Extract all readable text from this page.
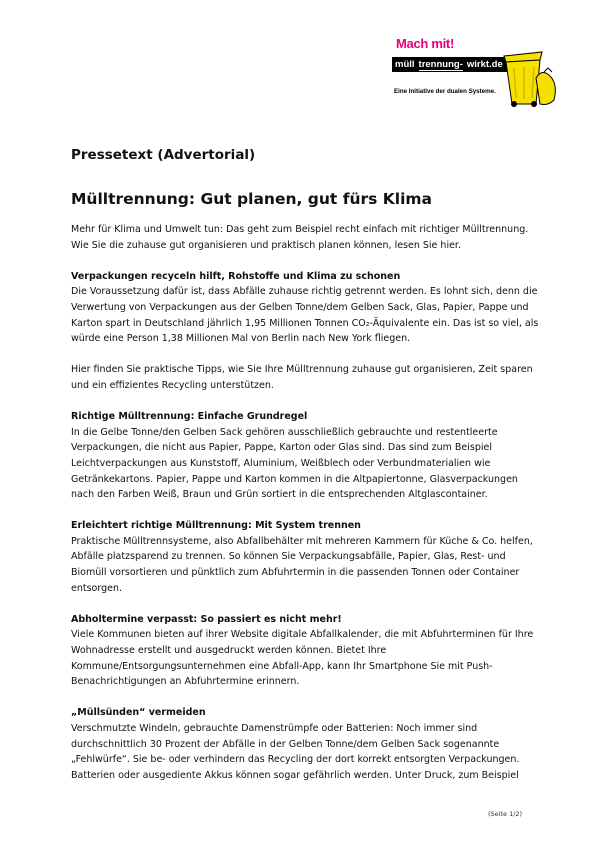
Mach mit!
müll trennung- wirkt.de
Eine Initiative der dualen Systeme.
Pressetext (Advertorial)
Mülltrennung: Gut planen, gut fürs Klima

Mehr für Klima und Umwelt tun: Das geht zum Beispiel recht einfach mit richtiger Mülltrennung. Wie Sie die zuhause gut organisieren und praktisch planen können, lesen Sie hier.

Verpackungen recyceln hilft, Rohstoffe und Klima zu schonen

Die Voraussetzung dafür ist, dass Abfälle zuhause richtig getrennt werden. Es lohnt sich, denn die Verwertung von Verpackungen aus der Gelben Tonne/dem Gelben Sack, Glas, Papier, Pappe und Karton spart in Deutschland jährlich 1,95 Millionen Tonnen CO₂-Äquivalente ein. Das ist so viel, als würde eine Person 1,38 Millionen Mal von Berlin nach New York fliegen.

Hier finden Sie praktische Tipps, wie Sie Ihre Mülltrennung zuhause gut organisieren, Zeit sparen und ein effizientes Recycling unterstützen.

Richtige Mülltrennung: Einfache Grundregel

In die Gelbe Tonne/den Gelben Sack gehören ausschließlich gebrauchte und restentleerte Verpackungen, die nicht aus Papier, Pappe, Karton oder Glas sind. Das sind zum Beispiel Leichtverpackungen aus Kunststoff, Aluminium, Weißblech oder Verbundmaterialien wie Getränkekartons. Papier, Pappe und Karton kommen in die Altpapiertonne, Glasverpackungen nach den Farben Weiß, Braun und Grün sortiert in die entsprechenden Altglascontainer.

Erleichtert richtige Mülltrennung: Mit System trennen

Praktische Mülltrennsysteme, also Abfallbehälter mit mehreren Kammern für Küche & Co. helfen, Abfälle platzsparend zu trennen. So können Sie Verpackungsabfälle, Papier, Glas, Rest- und Biomüll vorsortieren und pünktlich zum Abfuhrtermin in die passenden Tonnen oder Container entsorgen.

Abholtermine verpasst: So passiert es nicht mehr!

Viele Kommunen bieten auf ihrer Website digitale Abfallkalender, die mit Abfuhrterminen für Ihre Wohnadresse erstellt und ausgedruckt werden können. Bietet Ihre Kommune/Entsorgungsunternehmen eine Abfall-App, kann Ihr Smartphone Sie mit Push-Benachrichtigungen an Abfuhrtermine erinnern.

„Müllsünden“ vermeiden

Verschmutzte Windeln, gebrauchte Damenstrümpfe oder Batterien: Noch immer sind durchschnittlich 30 Prozent der Abfälle in der Gelben Tonne/dem Gelben Sack sogenannte „Fehlwürfe“. Sie be- oder verhindern das Recycling der dort korrekt entsorgten Verpackungen. Batterien oder ausgediente Akkus können sogar gefährlich werden. Unter Druck, zum Beispiel

(Seite 1/2)
